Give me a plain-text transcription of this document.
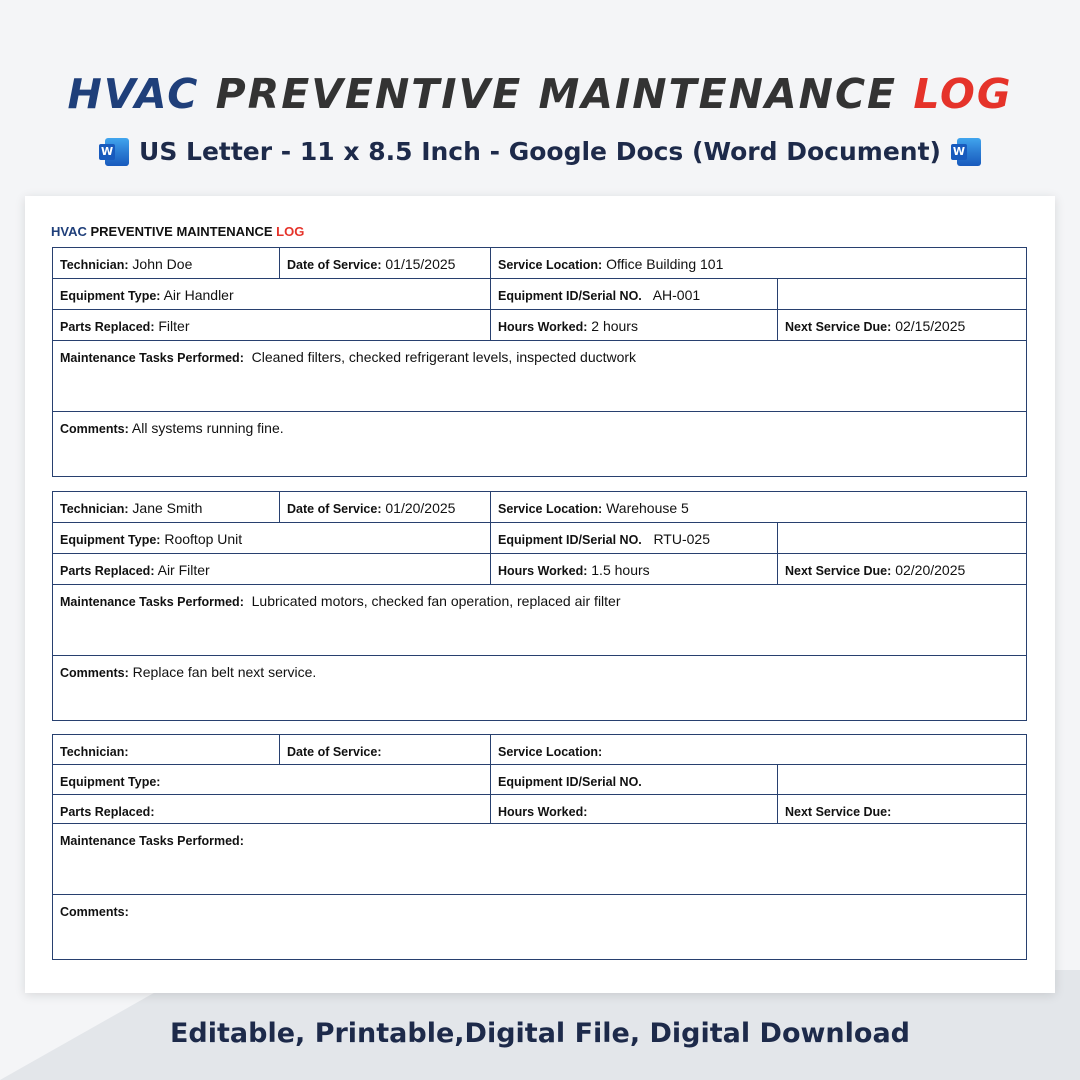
HVAC PREVENTIVE MAINTENANCE LOG
W US Letter - 11 x 8.5 Inch - Google Docs (Word Document) W
HVAC PREVENTIVE MAINTENANCE LOG
Technician: John Doe	Date of Service: 01/15/2025	Service Location: Office Building 101
Equipment Type: Air Handler	Equipment ID/Serial NO. AH-001
Parts Replaced: Filter	Hours Worked: 2 hours	Next Service Due: 02/15/2025
Maintenance Tasks Performed: Cleaned filters, checked refrigerant levels, inspected ductwork
Comments: All systems running fine.
Technician: Jane Smith	Date of Service: 01/20/2025	Service Location: Warehouse 5
Equipment Type: Rooftop Unit	Equipment ID/Serial NO. RTU-025
Parts Replaced: Air Filter	Hours Worked: 1.5 hours	Next Service Due: 02/20/2025
Maintenance Tasks Performed: Lubricated motors, checked fan operation, replaced air filter
Comments: Replace fan belt next service.
Technician:	Date of Service:	Service Location:
Equipment Type:	Equipment ID/Serial NO.
Parts Replaced:	Hours Worked:	Next Service Due:
Maintenance Tasks Performed:
Comments:
Editable, Printable,Digital File, Digital Download
